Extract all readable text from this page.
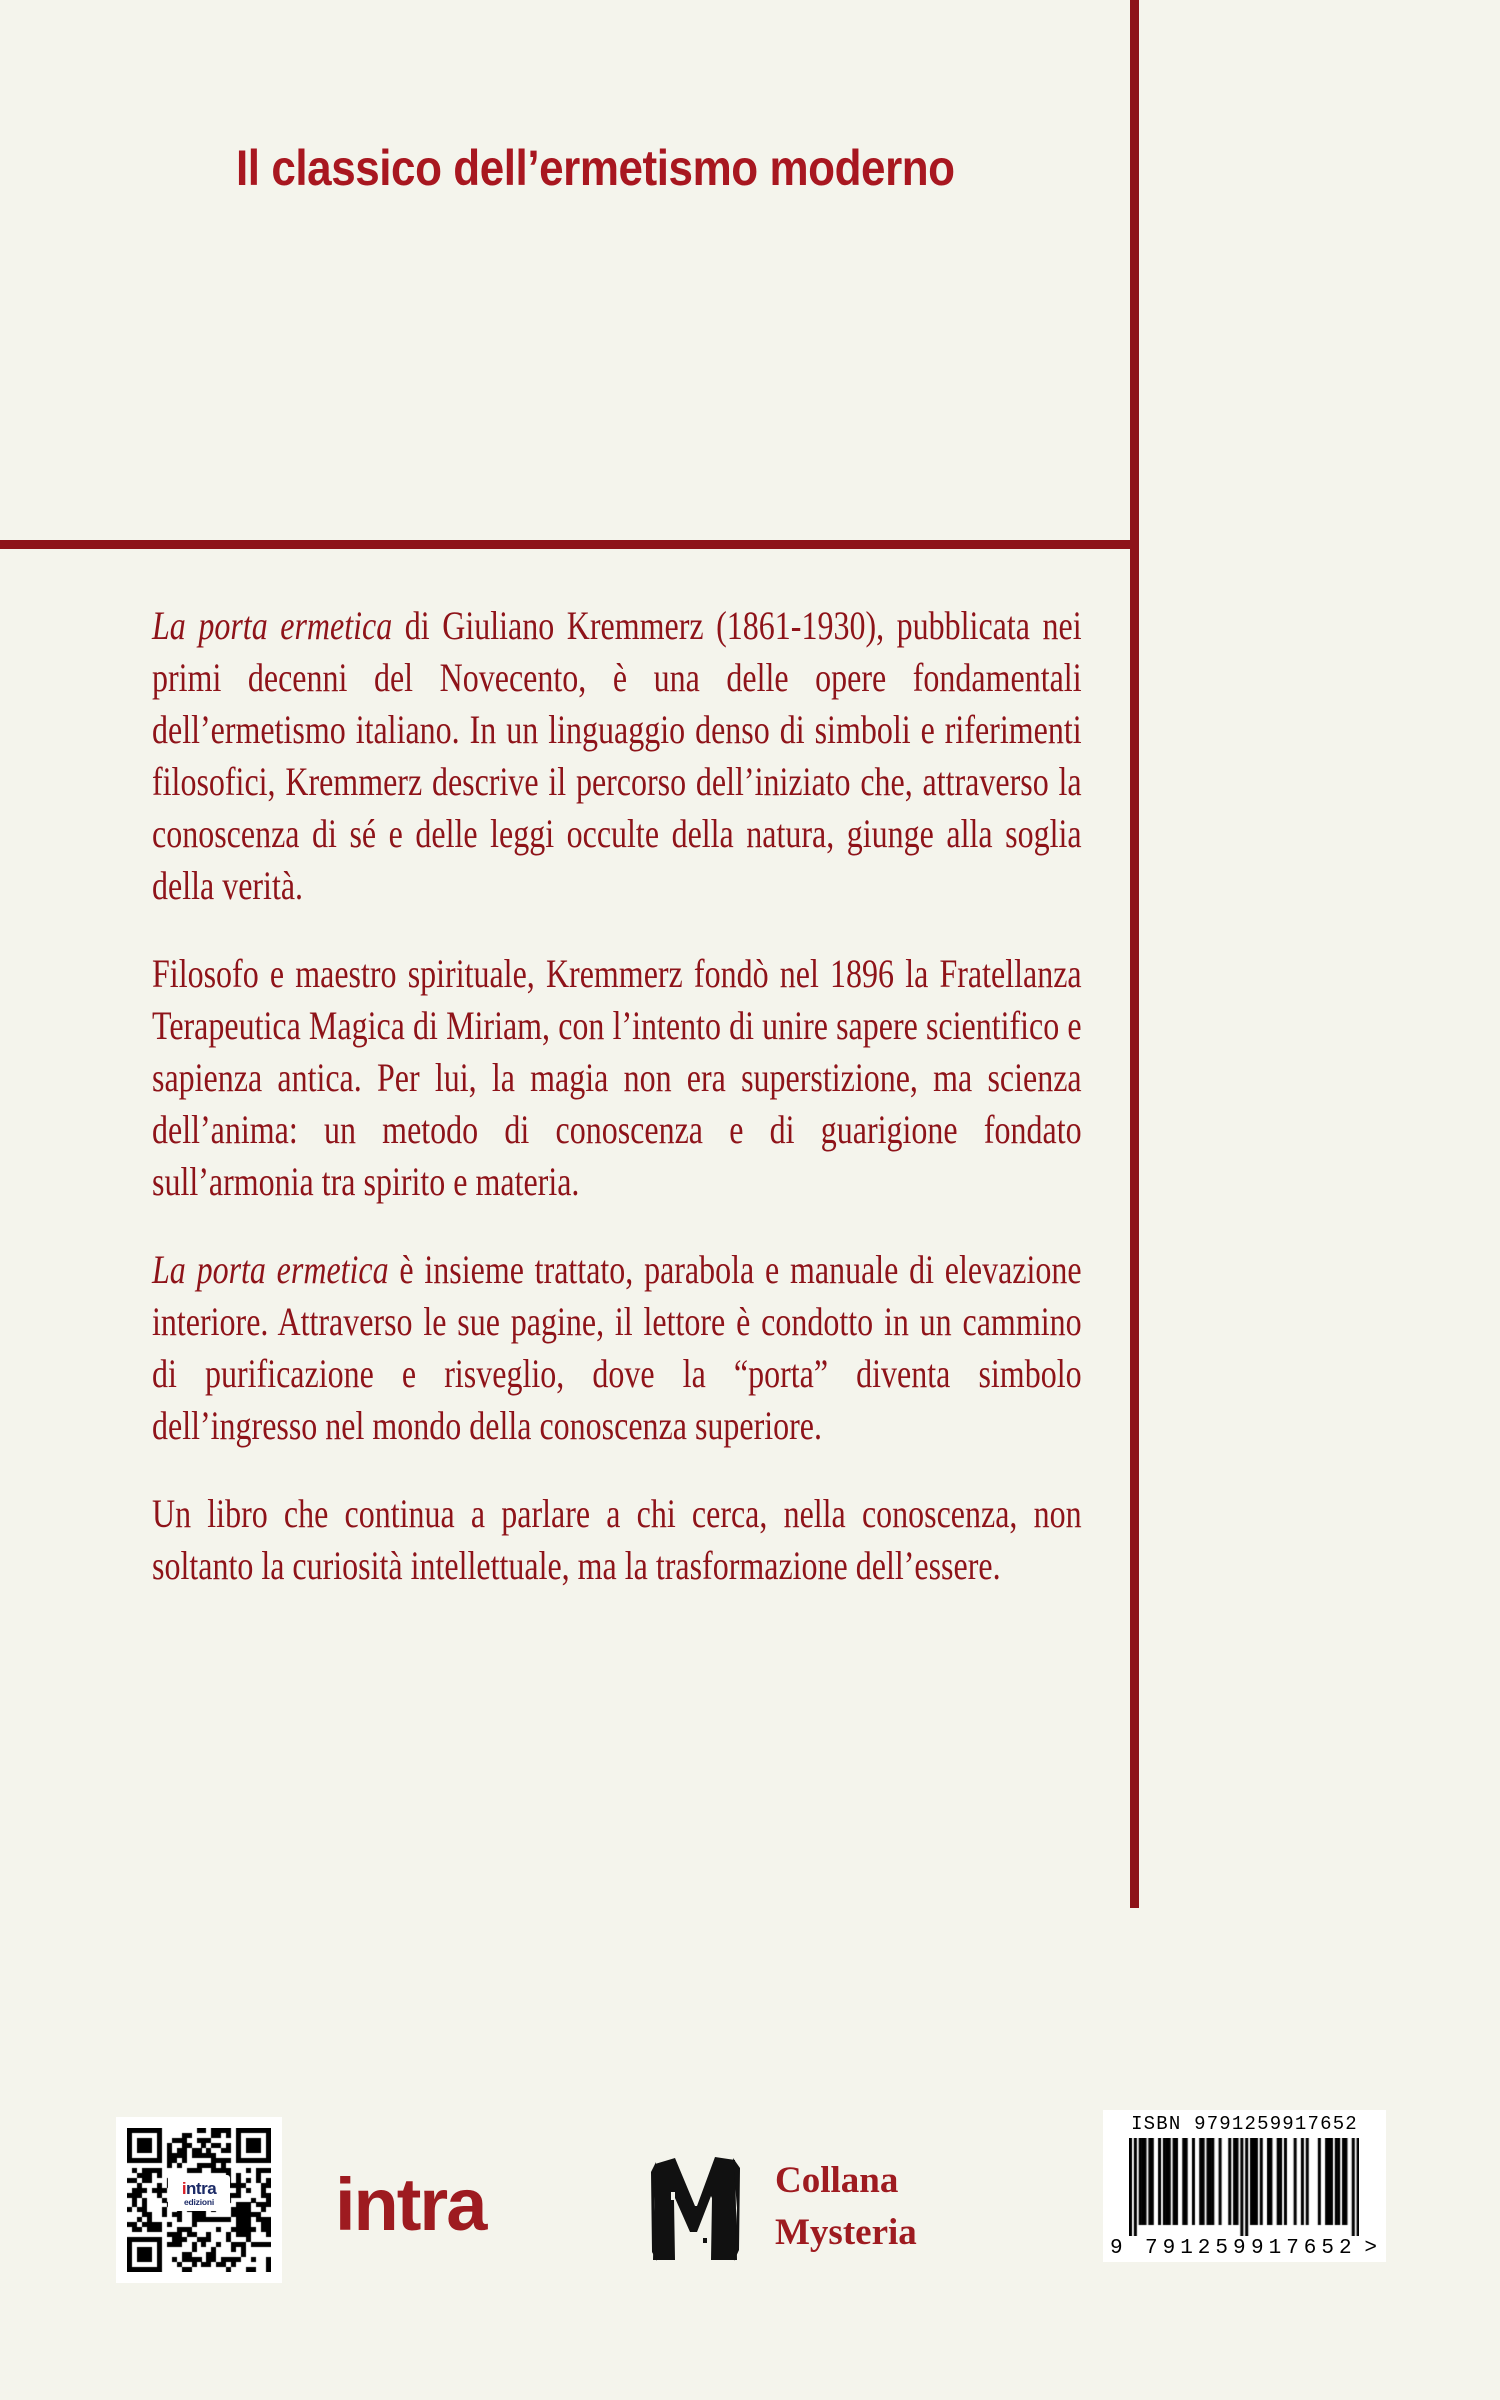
Il classico dell’ermetismo moderno

La porta ermetica di Giuliano Kremmerz (1861-1930), pubblicata nei primi decenni del Novecento, è una delle opere fondamentali dell’ermetismo italiano. In un linguaggio denso di simboli e riferimenti filosofici, Kremmerz descrive il percorso dell’iniziato che, attraverso la conoscenza di sé e delle leggi occulte della natura, giunge alla soglia della verità.

Filosofo e maestro spirituale, Kremmerz fondò nel 1896 la Fratellanza Terapeutica Magica di Miriam, con l’intento di unire sapere scientifico e sapienza antica. Per lui, la magia non era superstizione, ma scienza dell’anima: un metodo di conoscenza e di guarigione fondato sull’armonia tra spirito e materia.

La porta ermetica è insieme trattato, parabola e manuale di elevazione interiore. Attraverso le sue pagine, il lettore è condotto in un cammino di purificazione e risveglio, dove la “porta” diventa simbolo dell’ingresso nel mondo della conoscenza superiore.

Un libro che continua a parlare a chi cerca, nella conoscenza, non soltanto la curiosità intellettuale, ma la trasformazione dell’essere.

intra
edizioni intra	Collana
Mysteria
ISBN 9791259917652
9 791259 917652 >
